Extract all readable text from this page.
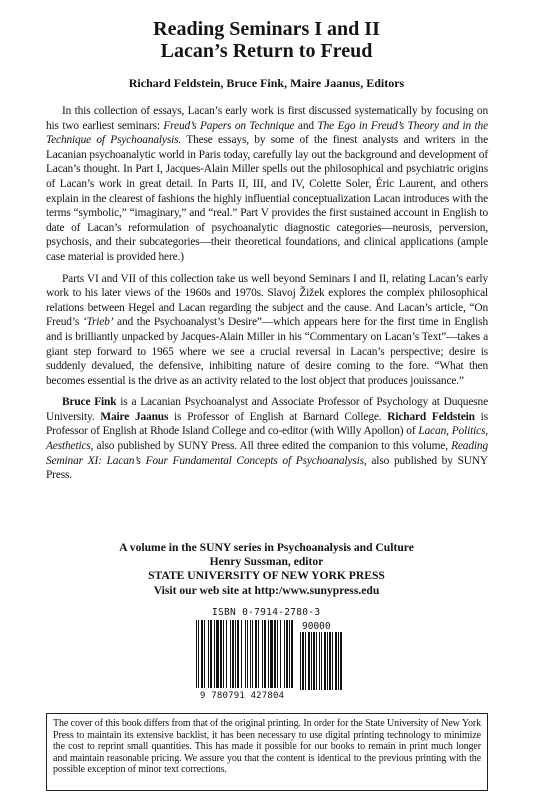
Reading Seminars I and II
Lacan’s Return to Freud
Richard Feldstein, Bruce Fink, Maire Jaanus, Editors

In this collection of essays, Lacan’s early work is first discussed systematically by focusing on his two earliest seminars: Freud’s Papers on Technique and The Ego in Freud’s Theory and in the Technique of Psychoanalysis. These essays, by some of the finest analysts and writers in the Lacanian psychoanalytic world in Paris today, carefully lay out the background and development of Lacan’s thought. In Part I, Jacques-Alain Miller spells out the philosophical and psychiatric origins of Lacan’s work in great detail. In Parts II, III, and IV, Colette Soler, Éric Laurent, and others explain in the clearest of fashions the highly influential conceptualization Lacan introduces with the terms “symbolic,” “imaginary,” and “real.” Part V provides the first sustained account in English to date of Lacan’s reformulation of psychoanalytic diagnostic categories—neurosis, perversion, psychosis, and their subcategories—their theoretical foundations, and clinical applications (ample case material is provided here.)

Parts VI and VII of this collection take us well beyond Seminars I and II, relating Lacan’s early work to his later views of the 1960s and 1970s. Slavoj Žižek explores the complex philosophical relations between Hegel and Lacan regarding the subject and the cause. And Lacan’s article, “On Freud’s ‘Trieb’ and the Psychoanalyst’s Desire”—which appears here for the first time in English and is brilliantly unpacked by Jacques-Alain Miller in his “Commentary on Lacan’s Text”—takes a giant step forward to 1965 where we see a crucial reversal in Lacan’s perspective; desire is suddenly devalued, the defensive, inhibiting nature of desire coming to the fore. “What then becomes essential is the drive as an activity related to the lost object that produces jouissance.”

Bruce Fink is a Lacanian Psychoanalyst and Associate Professor of Psychology at Duquesne University. Maire Jaanus is Professor of English at Barnard College. Richard Feldstein is Professor of English at Rhode Island College and co-editor (with Willy Apollon) of Lacan, Politics, Aesthetics, also published by SUNY Press. All three edited the companion to this volume, Reading Seminar XI: Lacan’s Four Fundamental Concepts of Psychoanalysis, also published by SUNY Press.

A volume in the SUNY series in Psychoanalysis and Culture
Henry Sussman, editor
STATE UNIVERSITY OF NEW YORK PRESS
Visit our web site at http:/www.sunypress.edu
ISBN 0-7914-2780-3
90000
9 780791 427804
The cover of this book differs from that of the original printing. In order for the State University of New York Press to maintain its extensive backlist, it has been necessary to use digital printing technology to minimize the cost to reprint small quantities. This has made it possible for our books to remain in print much longer and maintain reasonable pricing. We assure you that the content is identical to the previous printing with the possible exception of minor text corrections.
